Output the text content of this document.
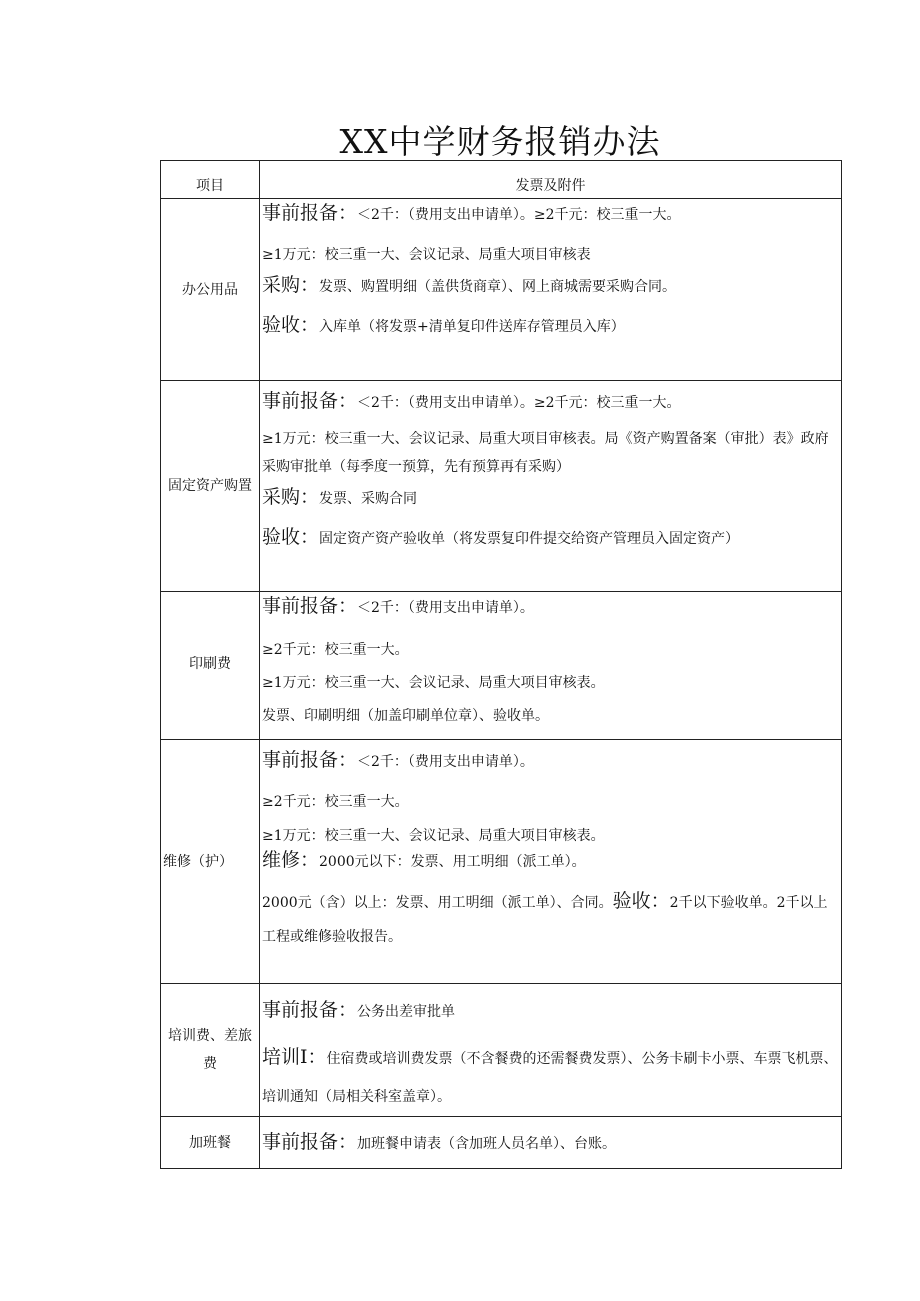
XX中学财务报销办法
项目	发票及附件
办公用品	事前报备：＜2千：（费用支出申请单）。≥2千元：校三重一大。
≥1万元：校三重一大、会议记录、局重大项目审核表
采购：发票、购置明细（盖供货商章）、网上商城需要采购合同。
验收：入库单（将发票+清单复印件送库存管理员入库）

固定资产购置	事前报备：＜2千：（费用支出申请单）。≥2千元：校三重一大。
≥1万元：校三重一大、会议记录、局重大项目审核表。局《资产购置备案（审批）表》政府采购审批单（每季度一预算，先有预算再有采购）
采购：发票、采购合同
验收：固定资产资产验收单（将发票复印件提交给资产管理员入固定资产）

印刷费	事前报备：＜2千：（费用支出申请单）。
≥2千元：校三重一大。
≥1万元：校三重一大、会议记录、局重大项目审核表。
发票、印刷明细（加盖印刷单位章）、验收单。

维修（护）	事前报备：＜2千：（费用支出申请单）。
≥2千元：校三重一大。
≥1万元：校三重一大、会议记录、局重大项目审核表。
维修：2000元以下：发票、用工明细（派工单）。
2000元（含）以上：发票、用工明细（派工单）、合同。验收：2千以下验收单。2千以上工程或维修验收报告。

培训费、差旅费	事前报备：公务出差审批单
培训I：住宿费或培训费发票（不含餐费的还需餐费发票）、公务卡刷卡小票、车票飞机票、培训通知（局相关科室盖章）。

加班餐	事前报备：加班餐申请表（含加班人员名单）、台账。
